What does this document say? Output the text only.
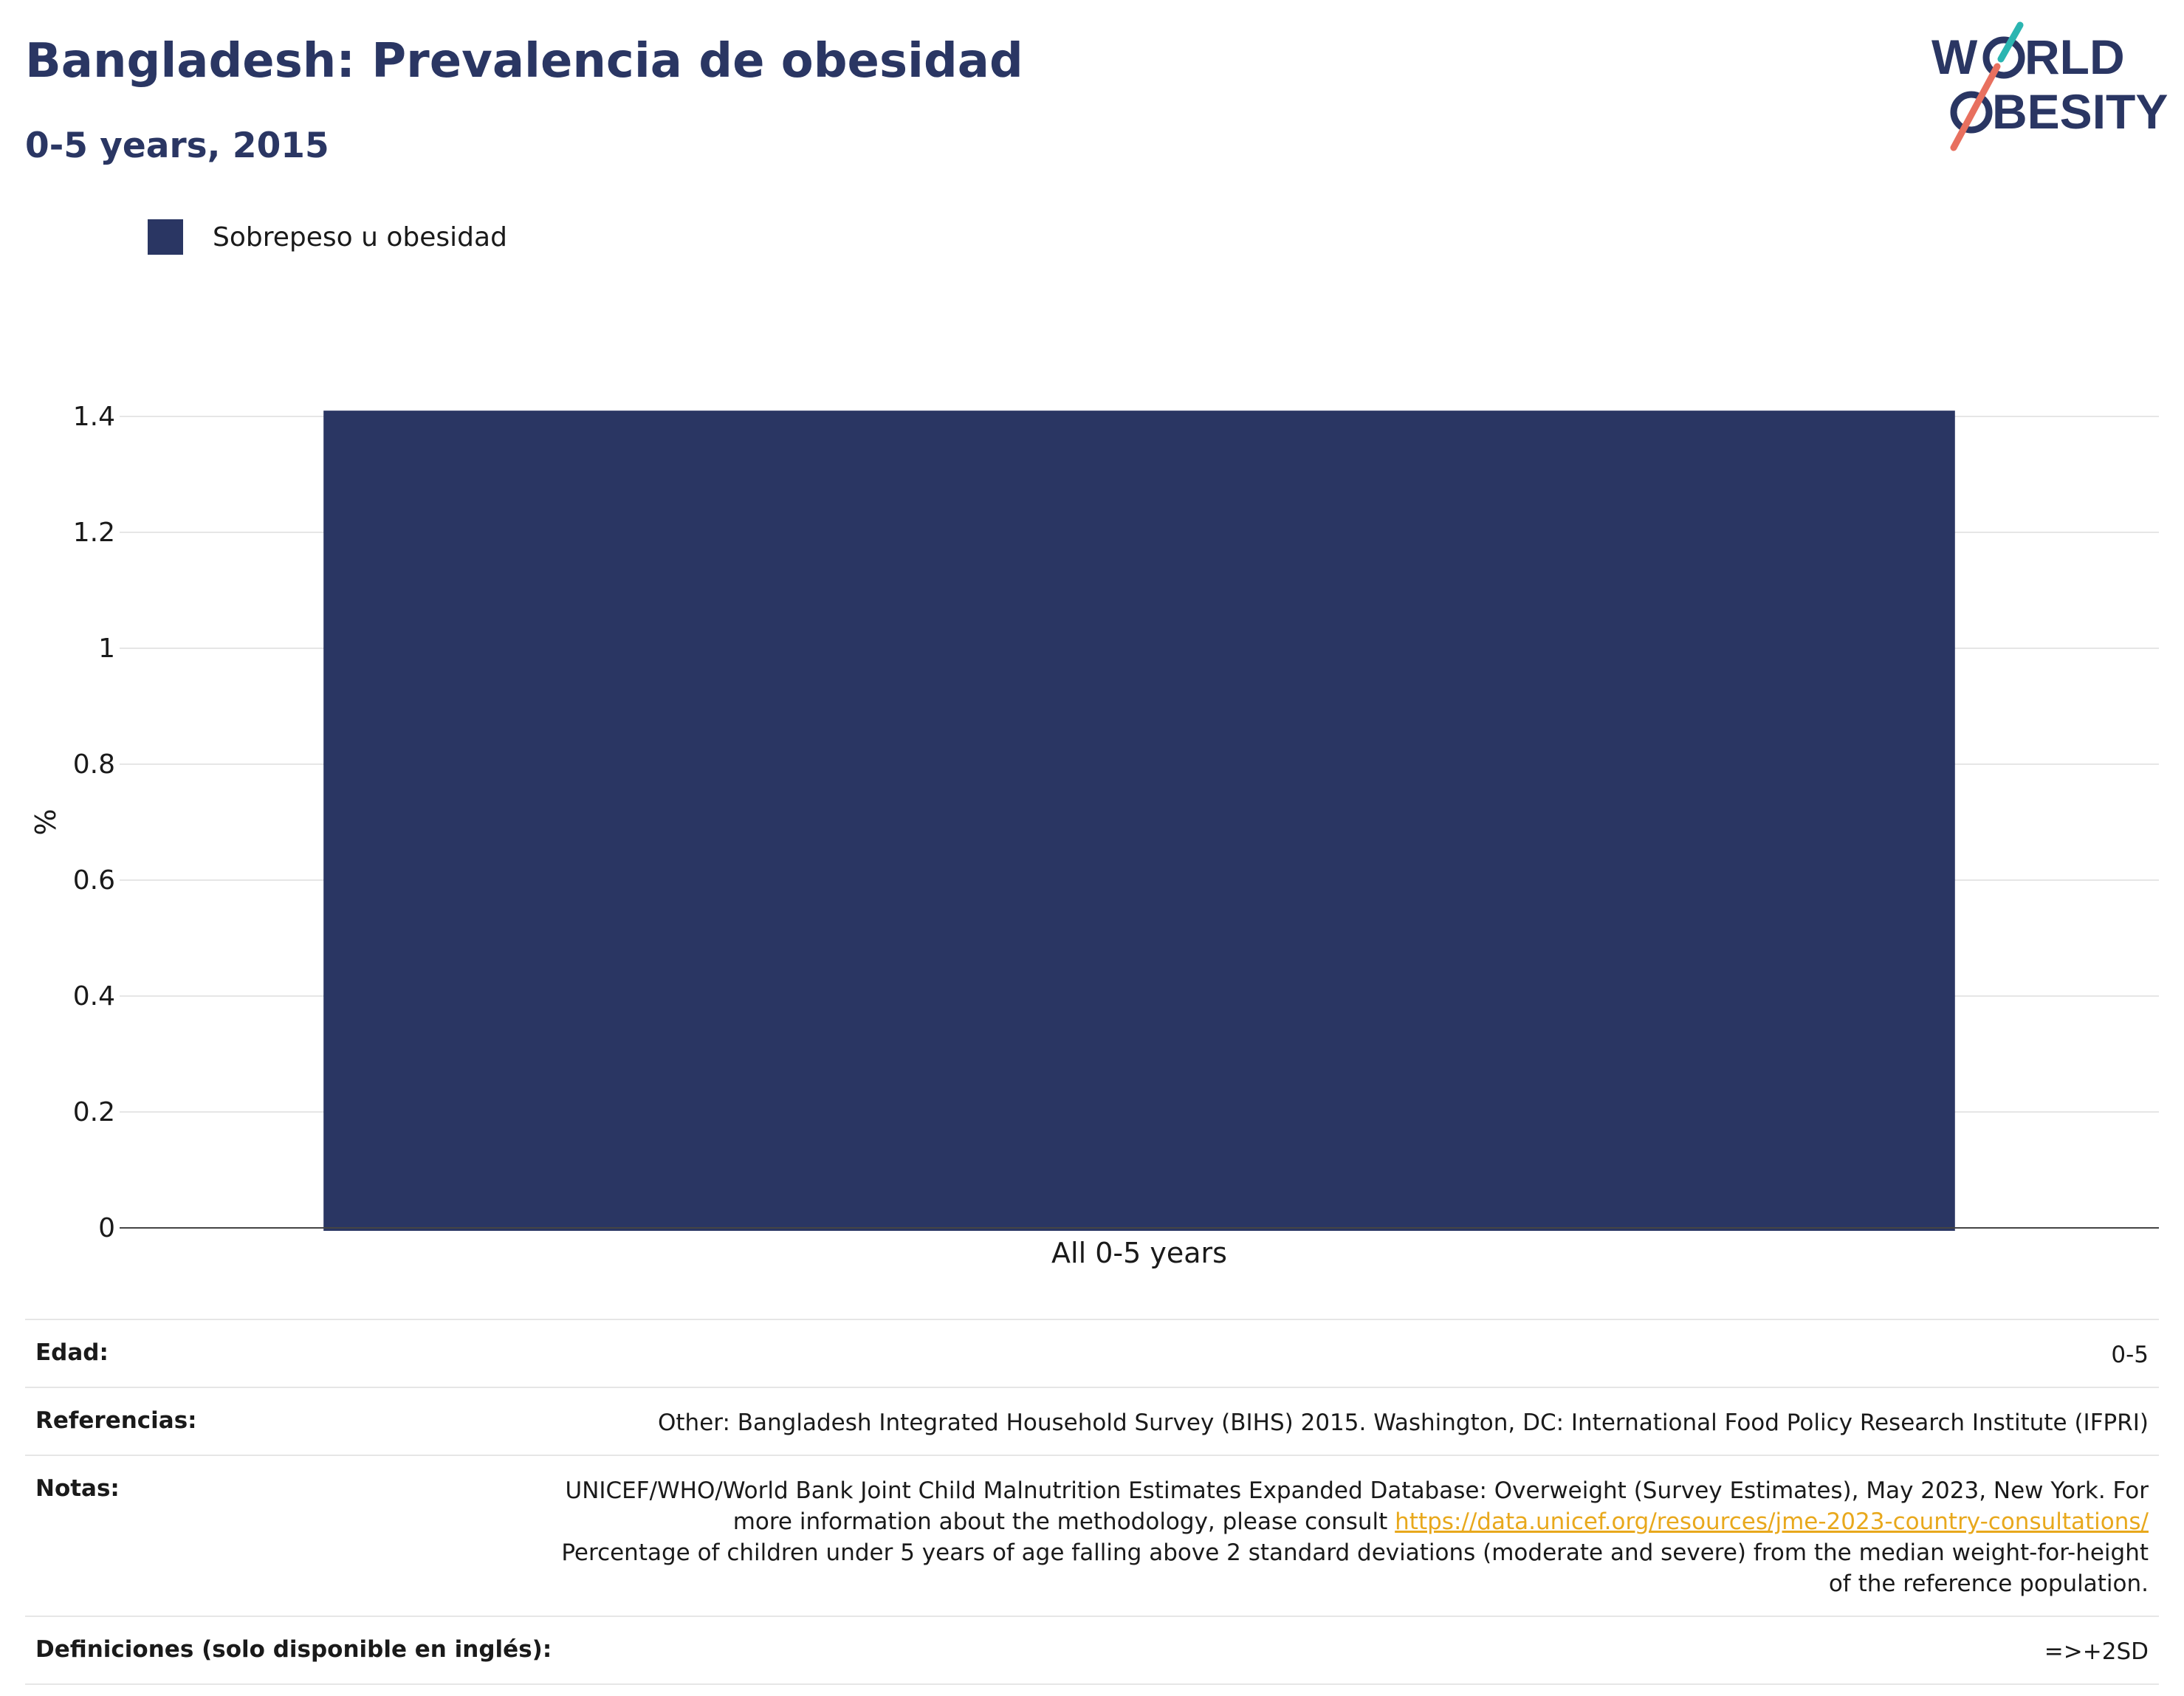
Bangladesh: Prevalencia de obesidad
0-5 years, 2015
W RLD
BESITY
Sobrepeso u obesidad
0
0.2
0.4
0.6
0.8
1
1.2
1.4
All 0-5 years
%
Edad:	0-5
Referencias:	Other: Bangladesh Integrated Household Survey (BIHS) 2015. Washington, DC: International Food Policy Research Institute (IFPRI)
Notas:	UNICEF/WHO/World Bank Joint Child Malnutrition Estimates Expanded Database: Overweight (Survey Estimates), May 2023, New York. For more information about the methodology, please consult https://data.unicef.org/resources/jme-2023-country-consultations/
Percentage of children under 5 years of age falling above 2 standard deviations (moderate and severe) from the median weight-for-height of the reference population.
Definiciones (solo disponible en inglés):	=>+2SD
